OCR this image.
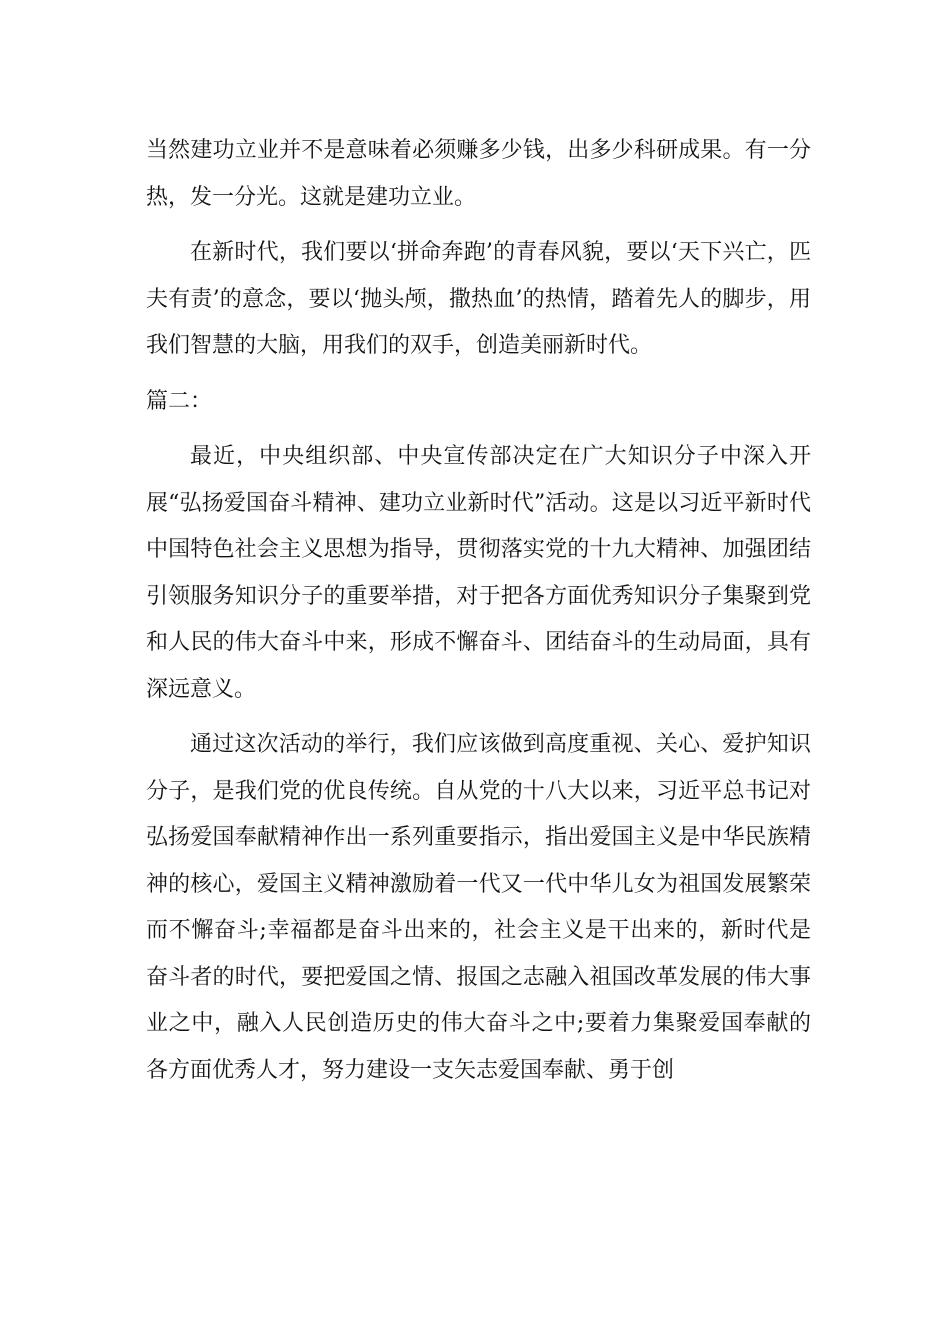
当然建功立业并不是意味着必须赚多少钱，出多少科研成果。有一分热，发一分光。这就是建功立业。

在新时代，我们要以‘拼命奔跑’的青春风貌，要以‘天下兴亡，匹夫有责’的意念，要以‘抛头颅，撒热血’的热情，踏着先人的脚步，用我们智慧的大脑，用我们的双手，创造美丽新时代。

篇二：

最近，中央组织部、中央宣传部决定在广大知识分子中深入开展“弘扬爱国奋斗精神、建功立业新时代”活动。这是以习近平新时代中国特色社会主义思想为指导，贯彻落实党的十九大精神、加强团结引领服务知识分子的重要举措，对于把各方面优秀知识分子集聚到党和人民的伟大奋斗中来，形成不懈奋斗、团结奋斗的生动局面，具有深远意义。

通过这次活动的举行，我们应该做到高度重视、关心、爱护知识分子，是我们党的优良传统。自从党的十八大以来，习近平总书记对弘扬爱国奉献精神作出一系列重要指示，指出爱国主义是中华民族精神的核心，爱国主义精神激励着一代又一代中华儿女为祖国发展繁荣而不懈奋斗;幸福都是奋斗出来的，社会主义是干出来的，新时代是奋斗者的时代，要把爱国之情、报国之志融入祖国改革发展的伟大事业之中，融入人民创造历史的伟大奋斗之中;要着力集聚爱国奉献的各方面优秀人才，努力建设一支矢志爱国奉献、勇于创
